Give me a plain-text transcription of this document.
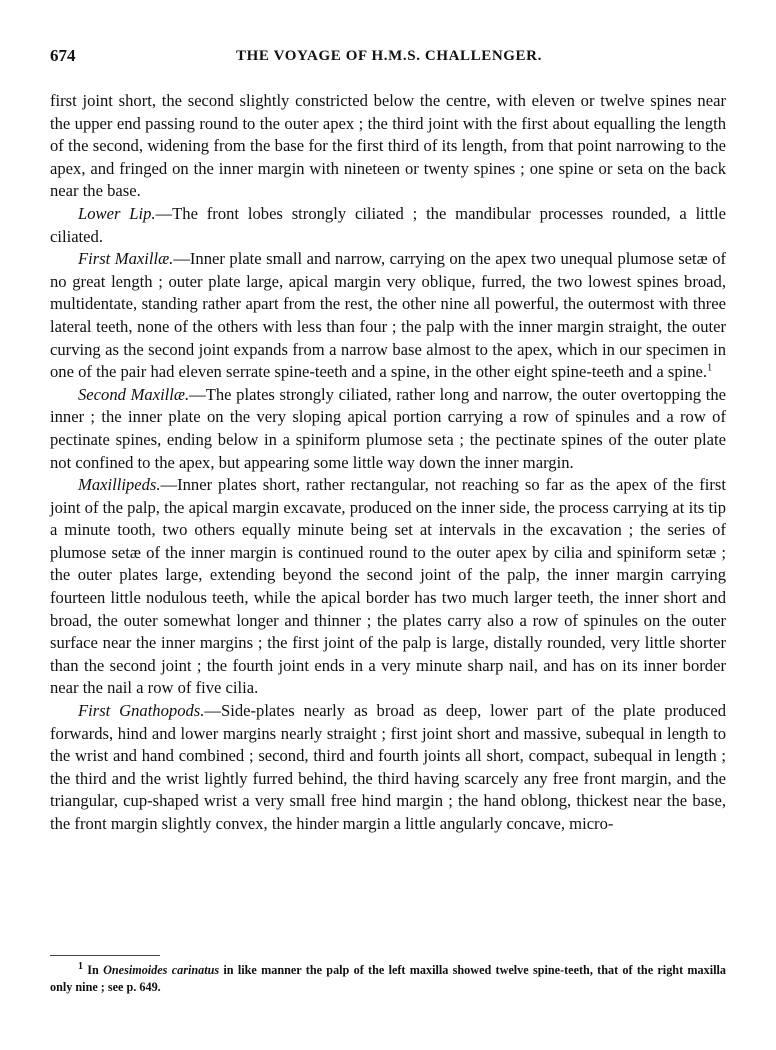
674	THE VOYAGE OF H.M.S. CHALLENGER.

first joint short, the second slightly constricted below the centre, with eleven or twelve spines near the upper end passing round to the outer apex ; the third joint with the first about equalling the length of the second, widening from the base for the first third of its length, from that point narrowing to the apex, and fringed on the inner margin with nineteen or twenty spines ; one spine or seta on the back near the base.

Lower Lip.—The front lobes strongly ciliated ; the mandibular processes rounded, a little ciliated.

First Maxillæ.—Inner plate small and narrow, carrying on the apex two unequal plumose setæ of no great length ; outer plate large, apical margin very oblique, furred, the two lowest spines broad, multidentate, standing rather apart from the rest, the other nine all powerful, the outermost with three lateral teeth, none of the others with less than four ; the palp with the inner margin straight, the outer curving as the second joint expands from a narrow base almost to the apex, which in our specimen in one of the pair had eleven serrate spine-teeth and a spine, in the other eight spine-teeth and a spine.$^1$

Second Maxillæ.—The plates strongly ciliated, rather long and narrow, the outer overtopping the inner ; the inner plate on the very sloping apical portion carrying a row of spinules and a row of pectinate spines, ending below in a spiniform plumose seta ; the pectinate spines of the outer plate not confined to the apex, but appearing some little way down the inner margin.

Maxillipeds.—Inner plates short, rather rectangular, not reaching so far as the apex of the first joint of the palp, the apical margin excavate, produced on the inner side, the process carrying at its tip a minute tooth, two others equally minute being set at intervals in the excavation ; the series of plumose setæ of the inner margin is continued round to the outer apex by cilia and spiniform setæ ; the outer plates large, extending beyond the second joint of the palp, the inner margin carrying fourteen little nodulous teeth, while the apical border has two much larger teeth, the inner short and broad, the outer somewhat longer and thinner ; the plates carry also a row of spinules on the outer surface near the inner margins ; the first joint of the palp is large, distally rounded, very little shorter than the second joint ; the fourth joint ends in a very minute sharp nail, and has on its inner border near the nail a row of five cilia.

First Gnathopods.—Side-plates nearly as broad as deep, lower part of the plate produced forwards, hind and lower margins nearly straight ; first joint short and massive, subequal in length to the wrist and hand combined ; second, third and fourth joints all short, compact, subequal in length ; the third and the wrist lightly furred behind, the third having scarcely any free front margin, and the triangular, cup-shaped wrist a very small free hind margin ; the hand oblong, thickest near the base, the front margin slightly convex, the hinder margin a little angularly concave, micro-

$^1$ In Onesimoides carinatus in like manner the palp of the left maxilla showed twelve spine-teeth, that of the right maxilla only nine ; see p. 649.
